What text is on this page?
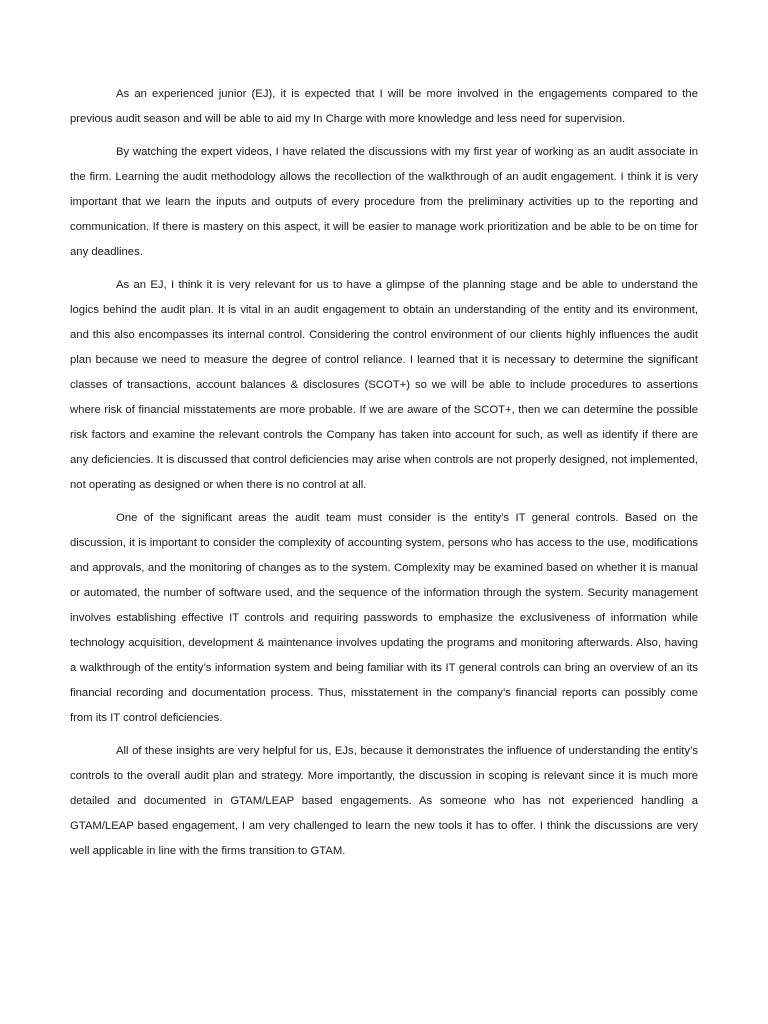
As an experienced junior (EJ), it is expected that I will be more involved in the engagements compared to the previous audit season and will be able to aid my In Charge with more knowledge and less need for supervision.

By watching the expert videos, I have related the discussions with my first year of working as an audit associate in the firm. Learning the audit methodology allows the recollection of the walkthrough of an audit engagement. I think it is very important that we learn the inputs and outputs of every procedure from the preliminary activities up to the reporting and communication. If there is mastery on this aspect, it will be easier to manage work prioritization and be able to be on time for any deadlines.

As an EJ, I think it is very relevant for us to have a glimpse of the planning stage and be able to understand the logics behind the audit plan. It is vital in an audit engagement to obtain an understanding of the entity and its environment, and this also encompasses its internal control. Considering the control environment of our clients highly influences the audit plan because we need to measure the degree of control reliance. I learned that it is necessary to determine the significant classes of transactions, account balances & disclosures (SCOT+) so we will be able to include procedures to assertions where risk of financial misstatements are more probable. If we are aware of the SCOT+, then we can determine the possible risk factors and examine the relevant controls the Company has taken into account for such, as well as identify if there are any deficiencies. It is discussed that control deficiencies may arise when controls are not properly designed, not implemented, not operating as designed or when there is no control at all.

One of the significant areas the audit team must consider is the entity’s IT general controls. Based on the discussion, it is important to consider the complexity of accounting system, persons who has access to the use, modifications and approvals, and the monitoring of changes as to the system. Complexity may be examined based on whether it is manual or automated, the number of software used, and the sequence of the information through the system. Security management involves establishing effective IT controls and requiring passwords to emphasize the exclusiveness of information while technology acquisition, development & maintenance involves updating the programs and monitoring afterwards. Also, having a walkthrough of the entity’s information system and being familiar with its IT general controls can bring an overview of an its financial recording and documentation process. Thus, misstatement in the company’s financial reports can possibly come from its IT control deficiencies.

All of these insights are very helpful for us, EJs, because it demonstrates the influence of understanding the entity’s controls to the overall audit plan and strategy. More importantly, the discussion in scoping is relevant since it is much more detailed and documented in GTAM/LEAP based engagements. As someone who has not experienced handling a GTAM/LEAP based engagement, I am very challenged to learn the new tools it has to offer. I think the discussions are very well applicable in line with the firms transition to GTAM.
